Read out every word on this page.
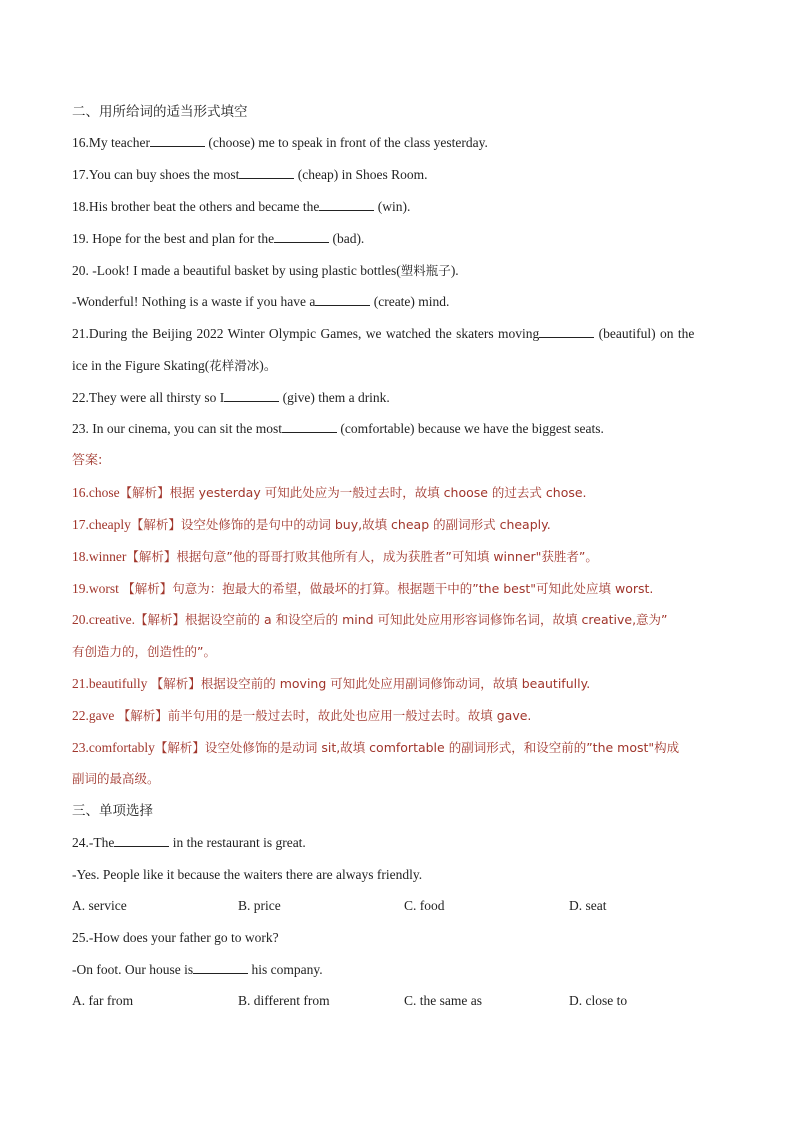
二、用所给词的适当形式填空
16.My teacher	(choose) me to speak in front of the class yesterday.
17.You can buy shoes the most	(cheap) in Shoes Room.
18.His brother beat the others and became the	(win).
19. Hope for the best and plan for the	(bad).
20. -Look! I made a beautiful basket by using plastic bottles(塑料瓶子).
-Wonderful! Nothing is a waste if you have a	(create) mind.
21.During the Beijing 2022 Winter Olympic Games, we watched the skaters moving	(beautiful) on the
ice in the Figure Skating(花样滑冰)。
22.They were all thirsty so I	(give) them a drink.
23. In our cinema, you can sit the most	(comfortable) because we have the biggest seats.
答案:
16.chose【解析】根据 yesterday 可知此处应为一般过去时，故填 choose 的过去式 chose.
17.cheaply【解析】设空处修饰的是句中的动词 buy,故填 cheap 的副词形式 cheaply.
18.winner【解析】根据句意”他的哥哥打败其他所有人，成为获胜者”可知填 winner"获胜者”。
19.worst 【解析】句意为：抱最大的希望，做最坏的打算。根据题干中的”the best"可知此处应填 worst.
20.creative.【解析】根据设空前的 a 和设空后的 mind 可知此处应用形容词修饰名词，故填 creative,意为”
有创造力的，创造性的”。
21.beautifully 【解析】根据设空前的 moving 可知此处应用副词修饰动词，故填 beautifully.
22.gave 【解析】前半句用的是一般过去时，故此处也应用一般过去时。故填 gave.
23.comfortably【解析】设空处修饰的是动词 sit,故填 comfortable 的副词形式，和设空前的”the most"构成
副词的最高级。
三、单项选择
24.-The	in the restaurant is great.
-Yes. People like it because the waiters there are always friendly.
A. service	B. price	C. food	D. seat
25.-How does your father go to work?
-On foot. Our house is	his company.
A. far from	B. different from	C. the same as	D. close to
